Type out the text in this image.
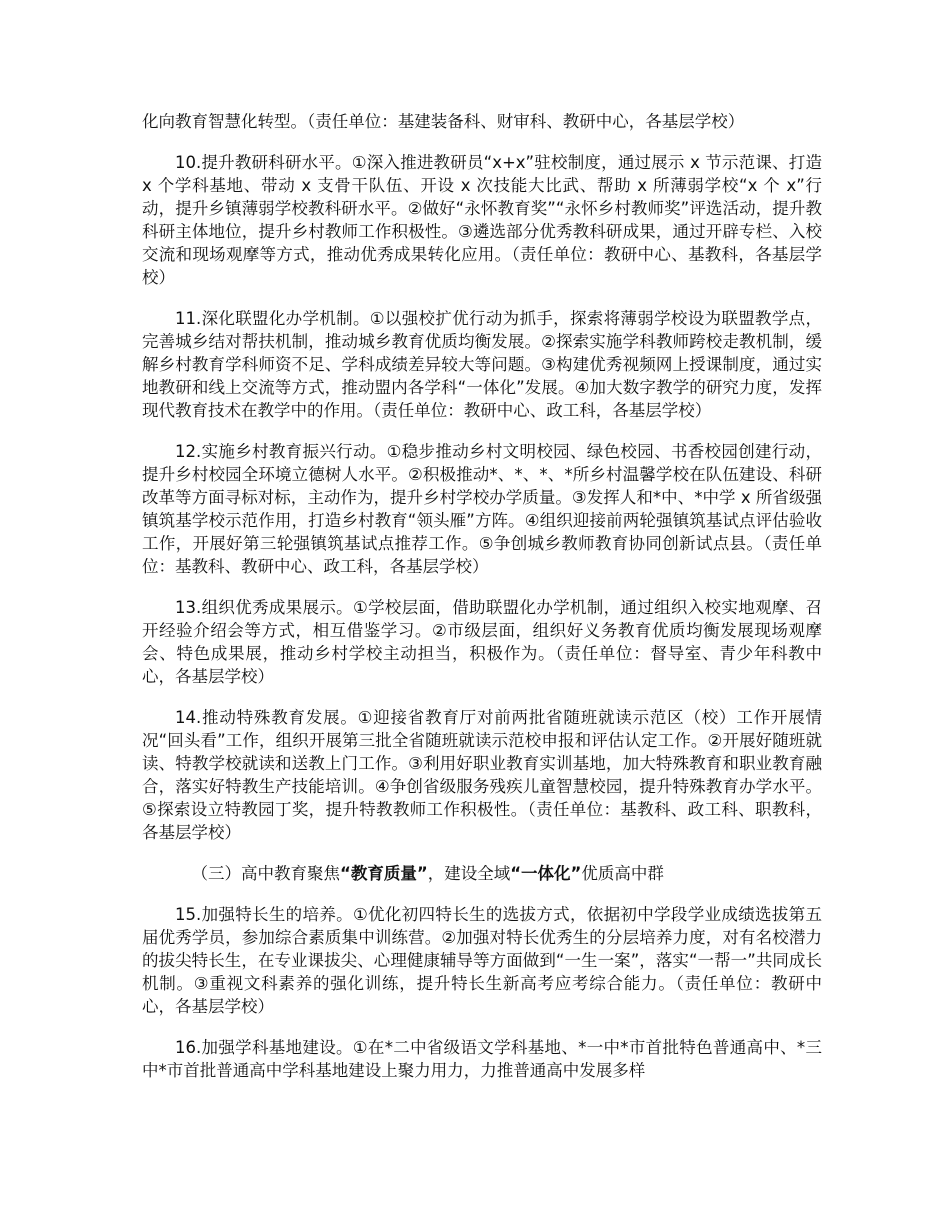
化向教育智慧化转型。（责任单位：基建装备科、财审科、教研中心，各基层学校）

10.提升教研科研水平。①深入推进教研员“x+x”驻校制度，通过展示 x 节示范课、打造 x 个学科基地、带动 x 支骨干队伍、开设 x 次技能大比武、帮助 x 所薄弱学校“x 个 x”行动，提升乡镇薄弱学校教科研水平。②做好“永怀教育奖”“永怀乡村教师奖”评选活动，提升教科研主体地位，提升乡村教师工作积极性。③遴选部分优秀教科研成果，通过开辟专栏、入校交流和现场观摩等方式，推动优秀成果转化应用。（责任单位：教研中心、基教科，各基层学校）

11.深化联盟化办学机制。①以强校扩优行动为抓手，探索将薄弱学校设为联盟教学点，完善城乡结对帮扶机制，推动城乡教育优质均衡发展。②探索实施学科教师跨校走教机制，缓解乡村教育学科师资不足、学科成绩差异较大等问题。③构建优秀视频网上授课制度，通过实地教研和线上交流等方式，推动盟内各学科“一体化”发展。④加大数字教学的研究力度，发挥现代教育技术在教学中的作用。（责任单位：教研中心、政工科，各基层学校）

12.实施乡村教育振兴行动。①稳步推动乡村文明校园、绿色校园、书香校园创建行动，提升乡村校园全环境立德树人水平。②积极推动*、*、*、*所乡村温馨学校在队伍建设、科研改革等方面寻标对标，主动作为，提升乡村学校办学质量。③发挥人和*中、*中学 x 所省级强镇筑基学校示范作用，打造乡村教育“领头雁”方阵。④组织迎接前两轮强镇筑基试点评估验收工作，开展好第三轮强镇筑基试点推荐工作。⑤争创城乡教师教育协同创新试点县。（责任单位：基教科、教研中心、政工科，各基层学校）

13.组织优秀成果展示。①学校层面，借助联盟化办学机制，通过组织入校实地观摩、召开经验介绍会等方式，相互借鉴学习。②市级层面，组织好义务教育优质均衡发展现场观摩会、特色成果展，推动乡村学校主动担当，积极作为。（责任单位：督导室、青少年科教中心，各基层学校）

14.推动特殊教育发展。①迎接省教育厅对前两批省随班就读示范区（校）工作开展情况“回头看”工作，组织开展第三批全省随班就读示范校申报和评估认定工作。②开展好随班就读、特教学校就读和送教上门工作。③利用好职业教育实训基地，加大特殊教育和职业教育融合，落实好特教生产技能培训。④争创省级服务残疾儿童智慧校园，提升特殊教育办学水平。⑤探索设立特教园丁奖，提升特教教师工作积极性。（责任单位：基教科、政工科、职教科，各基层学校）

（三）高中教育聚焦“教育质量”，建设全域“一体化”优质高中群

15.加强特长生的培养。①优化初四特长生的选拔方式，依据初中学段学业成绩选拔第五届优秀学员，参加综合素质集中训练营。②加强对特长优秀生的分层培养力度，对有名校潜力的拔尖特长生，在专业课拔尖、心理健康辅导等方面做到“一生一案”，落实“一帮一”共同成长机制。③重视文科素养的强化训练，提升特长生新高考应考综合能力。（责任单位：教研中心，各基层学校）

16.加强学科基地建设。①在*二中省级语文学科基地、*一中*市首批特色普通高中、*三中*市首批普通高中学科基地建设上聚力用力，力推普通高中发展多样
